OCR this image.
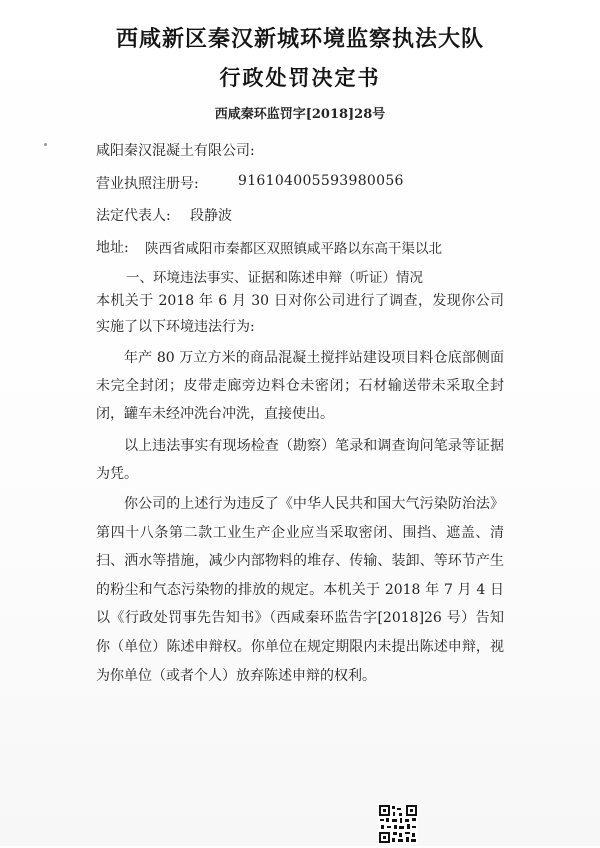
西咸新区秦汉新城环境监察执法大队
行政处罚决定书
西咸秦环监罚字[2018]28号
咸阳秦汉混凝土有限公司:
营业执照注册号:	916104005593980056
法定代表人: 段静波
地址: 陕西省咸阳市秦都区双照镇咸平路以东高干渠以北
一、环境违法事实、证据和陈述申辩（听证）情况
本机关于 2018 年 6 月 30 日对你公司进行了调查，发现你公司实施了以下环境违法行为:
年产 80 万立方米的商品混凝土搅拌站建设项目料仓底部侧面未完全封闭；皮带走廊旁边料仓未密闭；石材输送带未采取全封闭，罐车未经冲洗台冲洗，直接使出。
以上违法事实有现场检查（勘察）笔录和调查询问笔录等证据为凭。
你公司的上述行为违反了《中华人民共和国大气污染防治法》第四十八条第二款工业生产企业应当采取密闭、围挡、遮盖、清扫、洒水等措施，减少内部物料的堆存、传输、装卸、等环节产生的粉尘和气态污染物的排放的规定。本机关于 2018 年 7 月 4 日以《行政处罚事先告知书》（西咸秦环监告字[2018]26 号）告知你（单位）陈述申辩权。你单位在规定期限内未提出陈述申辩，视为你单位（或者个人）放弃陈述申辩的权利。
